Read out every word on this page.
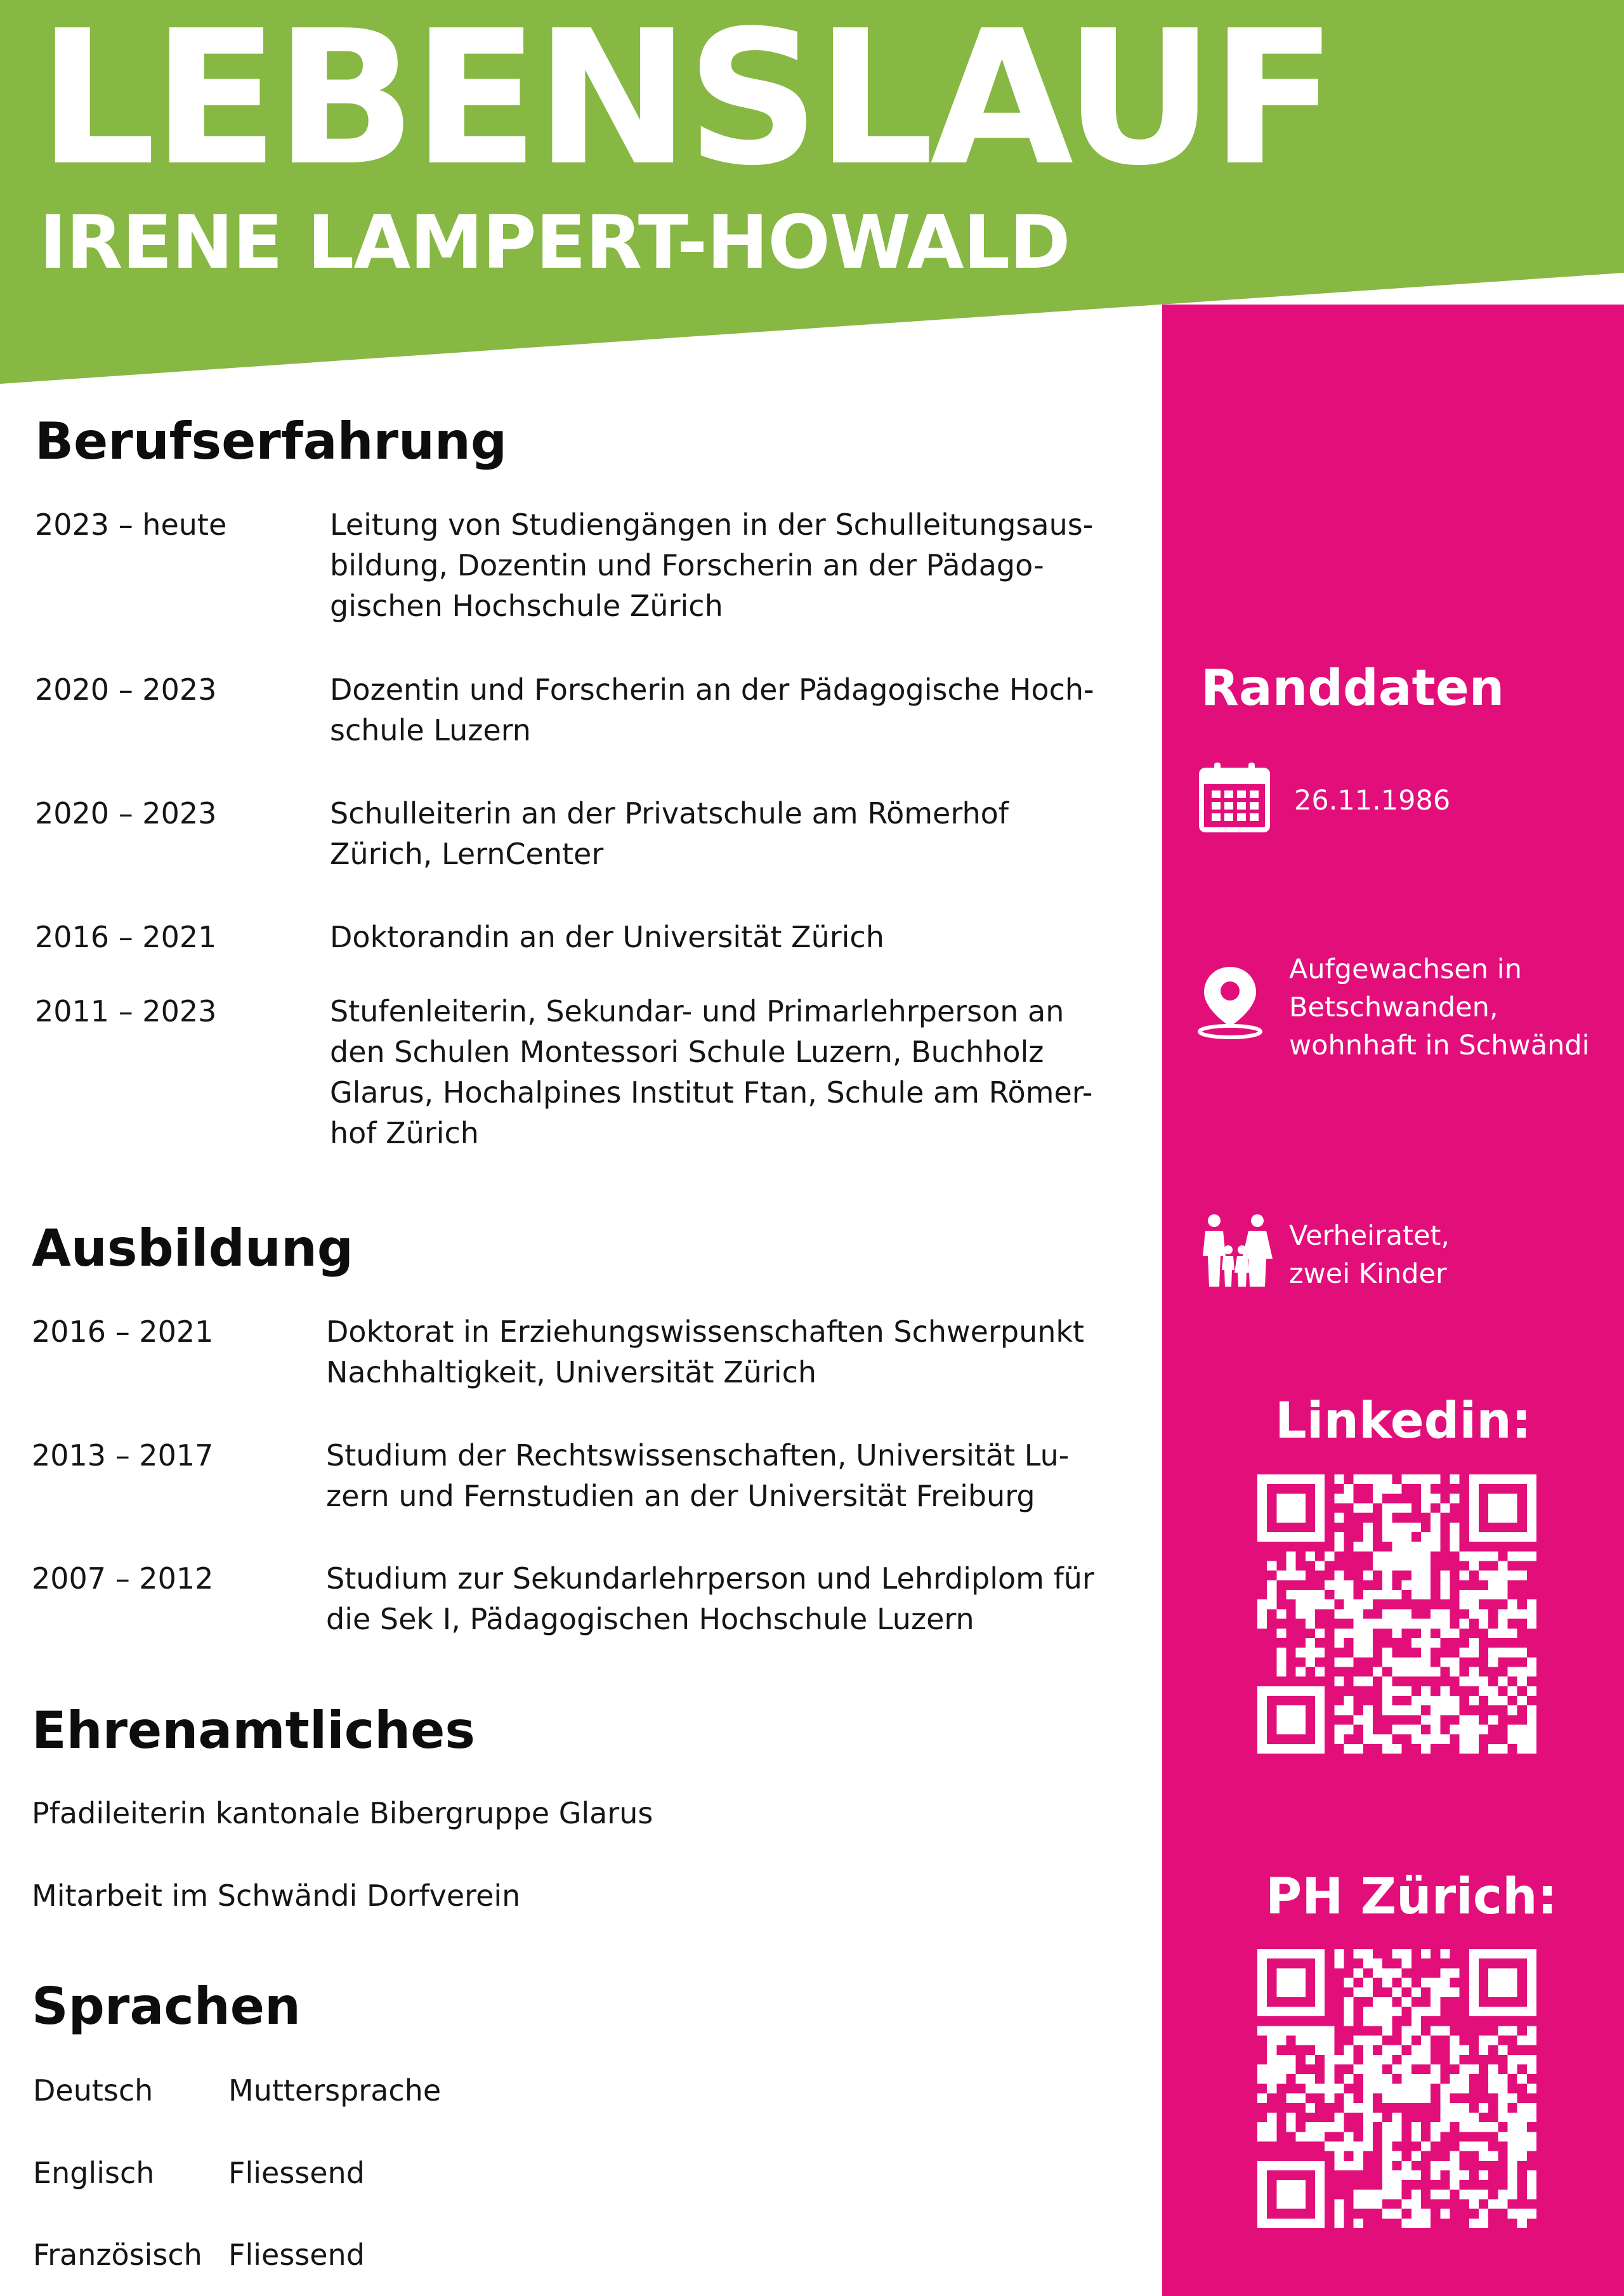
LEBENSLAUF
IRENE LAMPERT-HOWALD
Randdaten
26.11.1986
Aufgewachsen in
Betschwanden,
wohnhaft in Schwändi
Verheiratet,
zwei Kinder
Linkedin:
PH Zürich:
Berufserfahrung
2023 – heute	Leitung von Studiengängen in der Schulleitungsaus-
bildung, Dozentin und Forscherin an der Pädago-
gischen Hochschule Zürich
2020 – 2023	Dozentin und Forscherin an der Pädagogische Hoch-
schule Luzern
2020 – 2023	Schulleiterin an der Privatschule am Römerhof
Zürich, LernCenter
2016 – 2021	Doktorandin an der Universität Zürich
2011 – 2023	Stufenleiterin, Sekundar- und Primarlehrperson an
den Schulen Montessori Schule Luzern, Buchholz
Glarus, Hochalpines Institut Ftan, Schule am Römer-
hof Zürich
Ausbildung
2016 – 2021	Doktorat in Erziehungswissenschaften Schwerpunkt
Nachhaltigkeit, Universität Zürich
2013 – 2017	Studium der Rechtswissenschaften, Universität Lu-
zern und Fernstudien an der Universität Freiburg
2007 – 2012	Studium zur Sekundarlehrperson und Lehrdiplom für
die Sek I, Pädagogischen Hochschule Luzern
Ehrenamtliches
Pfadileiterin kantonale Bibergruppe Glarus
Mitarbeit im Schwändi Dorfverein
Sprachen
Deutsch	Muttersprache
Englisch	Fliessend
Französisch Fliessend
